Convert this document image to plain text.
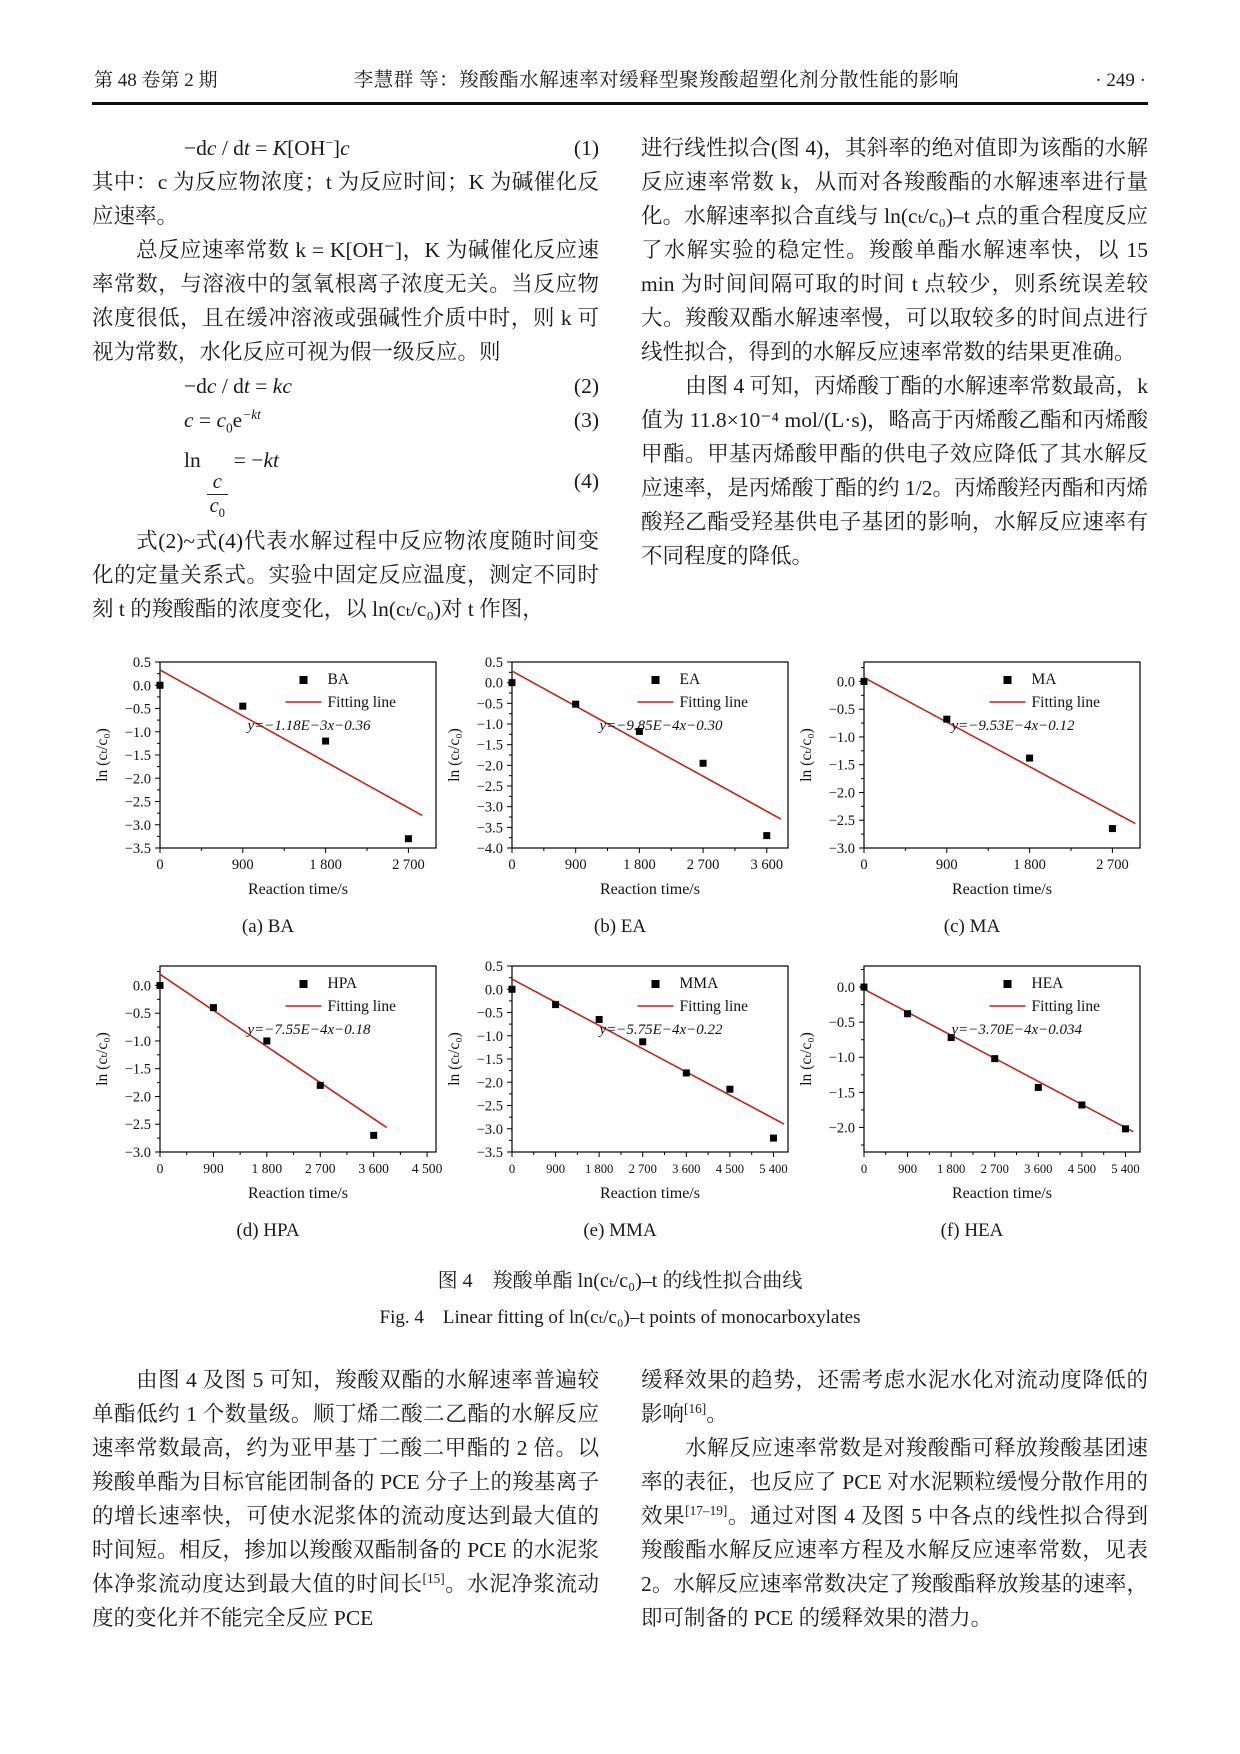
第 48 卷第 2 期	李慧群 等：羧酸酯水解速率对缓释型聚羧酸超塑化剂分散性能的影响	· 249 ·
−dc / dt = K[OH−]c	(1)

其中：c 为反应物浓度；t 为反应时间；K 为碱催化反应速率。

总反应速率常数 k = K[OH⁻]，K 为碱催化反应速率常数，与溶液中的氢氧根离子浓度无关。当反应物浓度很低，且在缓冲溶液或强碱性介质中时，则 k 可视为常数，水化反应可视为假一级反应。则

−dc / dt = kc	(2)
$c = c_0e^{-kt}$	(3)
ln
$\frac{c}{c_0}$
= −kt
(4)

式(2)~式(4)代表水解过程中反应物浓度随时间变化的定量关系式。实验中固定反应温度，测定不同时刻 t 的羧酸酯的浓度变化，以 ln(cₜ/c₀)对 t 作图，

进行线性拟合(图 4)，其斜率的绝对值即为该酯的水解反应速率常数 k，从而对各羧酸酯的水解速率进行量化。水解速率拟合直线与 ln(cₜ/c₀)–t 点的重合程度反应了水解实验的稳定性。羧酸单酯水解速率快，以 15 min 为时间间隔可取的时间 t 点较少，则系统误差较大。羧酸双酯水解速率慢，可以取较多的时间点进行线性拟合，得到的水解反应速率常数的结果更准确。

由图 4 可知，丙烯酸丁酯的水解速率常数最高，k 值为 11.8×10⁻⁴ mol/(L·s)，略高于丙烯酸乙酯和丙烯酸甲酯。甲基丙烯酸甲酯的供电子效应降低了其水解反应速率，是丙烯酸丁酯的约 1/2。丙烯酸羟丙酯和丙烯酸羟乙酯受羟基供电子基团的影响，水解反应速率有不同程度的降低。

0	900	1 800	2 700
0.5
0.0
−0.5
−1.0
−1.5
−2.0
−2.5
−3.0
−3.5
Reaction time/s
ln (cₜ/c₀)
BA
Fitting line
y=−1.18E−3x−0.36
(a) BA
0	900	1 800 2 700 3 600
0.5
0.0
−0.5
−1.0
−1.5
−2.0
−2.5
−3.0
−3.5
−4.0
Reaction time/s
ln (cₜ/c₀)
EA
Fitting line
y=−9.85E−4x−0.30
(b) EA
0	900	1 800	2 700
0.0
−0.5
−1.0
−1.5
−2.0
−2.5
−3.0
Reaction time/s
ln (cₜ/c₀)
MA
Fitting line
y=−9.53E−4x−0.12
(c) MA
0	900 1 800 2 700 3 600 4 500
0.0
−0.5
−1.0
−1.5
−2.0
−2.5
−3.0
Reaction time/s
ln (cₜ/c₀)
HPA
Fitting line
y=−7.55E−4x−0.18
(d) HPA
0 900 1 800 2 700 3 600 4 500 5 400
0.5
0.0
−0.5
−1.0
−1.5
−2.0
−2.5
−3.0
−3.5
Reaction time/s
ln (cₜ/c₀)
MMA
Fitting line
y=−5.75E−4x−0.22
(e) MMA
0 900 1 800 2 700 3 600 4 500 5 400
0.0
−0.5
−1.0
−1.5
−2.0
Reaction time/s
ln (cₜ/c₀)
HEA
Fitting line
y=−3.70E−4x−0.034
(f) HEA
图 4　羧酸单酯 ln(cₜ/c₀)–t 的线性拟合曲线
Fig. 4　Linear fitting of ln(cₜ/c₀)–t points of monocarboxylates

由图 4 及图 5 可知，羧酸双酯的水解速率普遍较单酯低约 1 个数量级。顺丁烯二酸二乙酯的水解反应速率常数最高，约为亚甲基丁二酸二甲酯的 2 倍。以羧酸单酯为目标官能团制备的 PCE 分子上的羧基离子的增长速率快，可使水泥浆体的流动度达到最大值的时间短。相反，掺加以羧酸双酯制备的 PCE 的水泥浆体净浆流动度达到最大值的时间长[15]。水泥净浆流动度的变化并不能完全反应 PCE

缓释效果的趋势，还需考虑水泥水化对流动度降低的影响[16]。

水解反应速率常数是对羧酸酯可释放羧酸基团速率的表征，也反应了 PCE 对水泥颗粒缓慢分散作用的效果[17–19]。通过对图 4 及图 5 中各点的线性拟合得到羧酸酯水解反应速率方程及水解反应速率常数，见表 2。水解反应速率常数决定了羧酸酯释放羧基的速率，即可制备的 PCE 的缓释效果的潜力。
